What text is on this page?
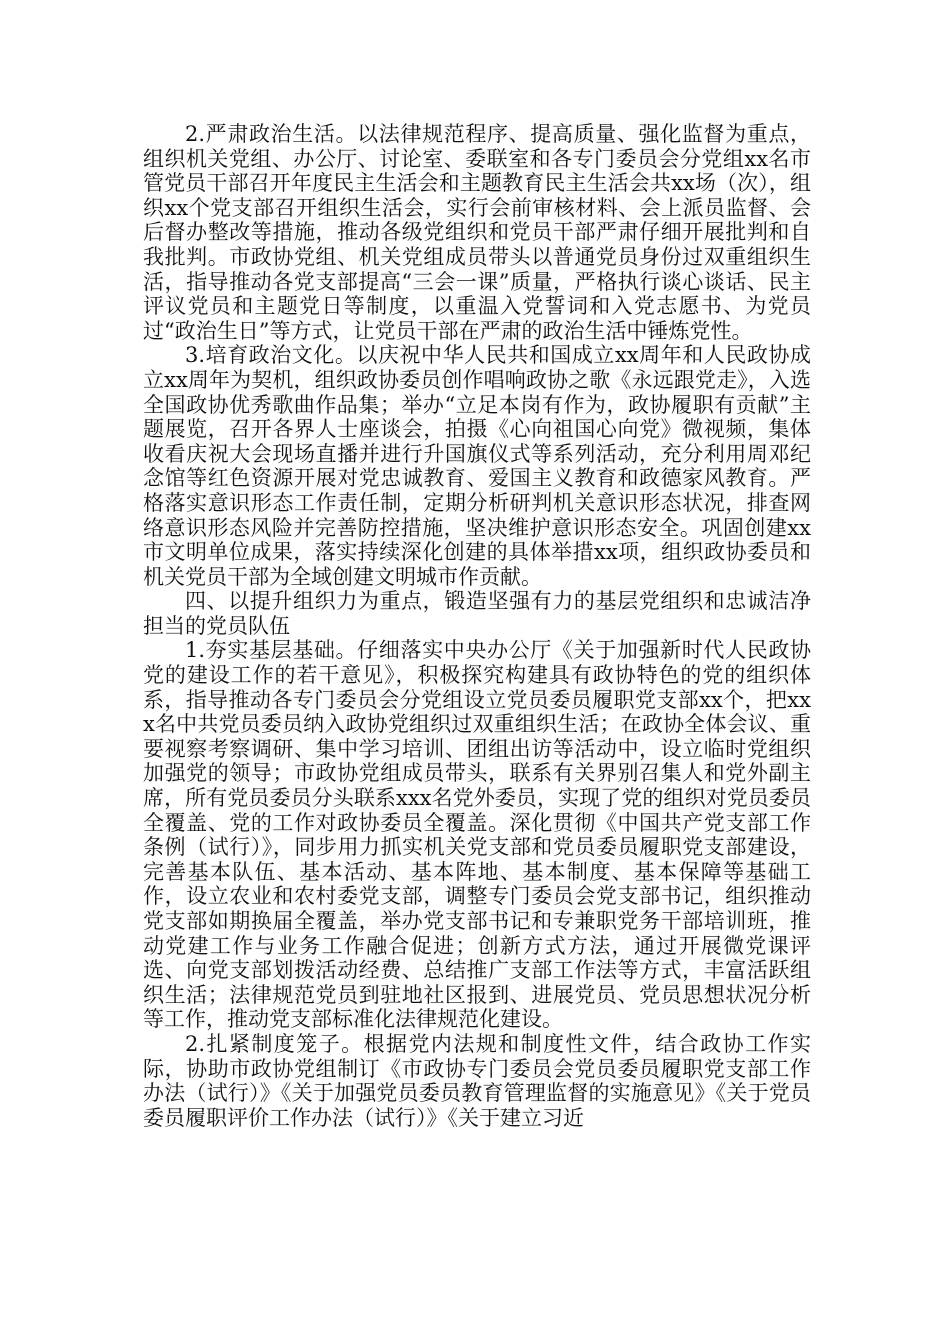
2.严肃政治生活。以法律规范程序、提高质量、强化监督为重点，组织机关党组、办公厅、讨论室、委联室和各专门委员会分党组xx名市管党员干部召开年度民主生活会和主题教育民主生活会共xx场（次），组织xx个党支部召开组织生活会，实行会前审核材料、会上派员监督、会后督办整改等措施，推动各级党组织和党员干部严肃仔细开展批判和自我批判。市政协党组、机关党组成员带头以普通党员身份过双重组织生活，指导推动各党支部提高“三会一课”质量，严格执行谈心谈话、民主评议党员和主题党日等制度，以重温入党誓词和入党志愿书、为党员过“政治生日”等方式，让党员干部在严肃的政治生活中锤炼党性。

3.培育政治文化。以庆祝中华人民共和国成立xx周年和人民政协成立xx周年为契机，组织政协委员创作唱响政协之歌《永远跟党走》，入选全国政协优秀歌曲作品集；举办“立足本岗有作为，政协履职有贡献”主题展览，召开各界人士座谈会，拍摄《心向祖国心向党》微视频，集体收看庆祝大会现场直播并进行升国旗仪式等系列活动，充分利用周邓纪念馆等红色资源开展对党忠诚教育、爱国主义教育和政德家风教育。严格落实意识形态工作责任制，定期分析研判机关意识形态状况，排查网络意识形态风险并完善防控措施，坚决维护意识形态安全。巩固创建xx市文明单位成果，落实持续深化创建的具体举措xx项，组织政协委员和机关党员干部为全域创建文明城市作贡献。

四、以提升组织力为重点，锻造坚强有力的基层党组织和忠诚洁净担当的党员队伍

1.夯实基层基础。仔细落实中央办公厅《关于加强新时代人民政协党的建设工作的若干意见》，积极探究构建具有政协特色的党的组织体系，指导推动各专门委员会分党组设立党员委员履职党支部xx个，把xxx名中共党员委员纳入政协党组织过双重组织生活；在政协全体会议、重要视察考察调研、集中学习培训、团组出访等活动中，设立临时党组织加强党的领导；市政协党组成员带头，联系有关界别召集人和党外副主席，所有党员委员分头联系xxx名党外委员，实现了党的组织对党员委员全覆盖、党的工作对政协委员全覆盖。深化贯彻《中国共产党支部工作条例（试行）》，同步用力抓实机关党支部和党员委员履职党支部建设，完善基本队伍、基本活动、基本阵地、基本制度、基本保障等基础工作，设立农业和农村委党支部，调整专门委员会党支部书记，组织推动党支部如期换届全覆盖，举办党支部书记和专兼职党务干部培训班，推动党建工作与业务工作融合促进；创新方式方法，通过开展微党课评选、向党支部划拨活动经费、总结推广支部工作法等方式，丰富活跃组织生活；法律规范党员到驻地社区报到、进展党员、党员思想状况分析等工作，推动党支部标准化法律规范化建设。

2.扎紧制度笼子。根据党内法规和制度性文件，结合政协工作实际，协助市政协党组制订《市政协专门委员会党员委员履职党支部工作办法（试行）》《关于加强党员委员教育管理监督的实施意见》《关于党员委员履职评价工作办法（试行）》《关于建立习近
